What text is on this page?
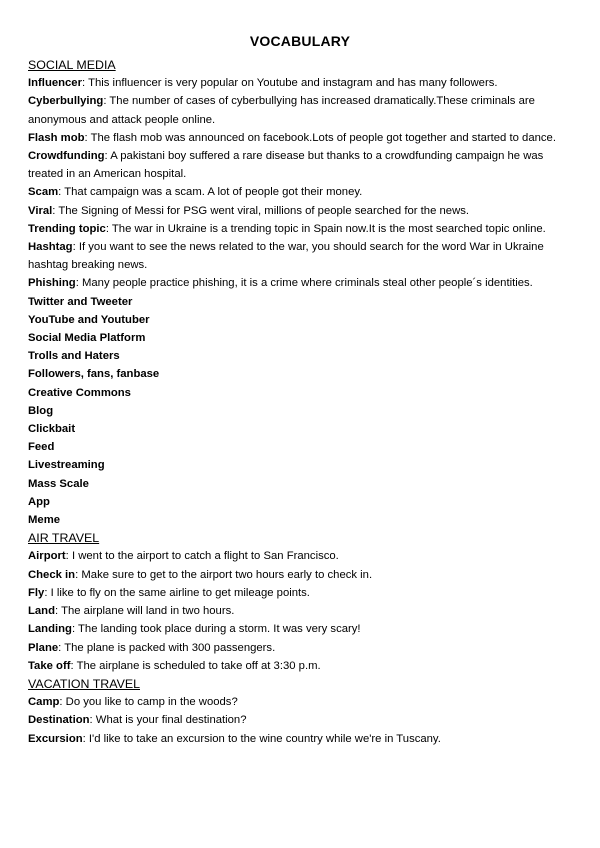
VOCABULARY
SOCIAL MEDIA

Influencer: This influencer is very popular on Youtube and instagram and has many followers.

Cyberbullying: The number of cases of cyberbullying has increased dramatically.These criminals are anonymous and attack people online.

Flash mob: The flash mob was announced on facebook.Lots of people got together and started to dance.

Crowdfunding: A pakistani boy suffered a rare disease but thanks to a crowdfunding campaign he was treated in an American hospital.

Scam: That campaign was a scam. A lot of people got their money.

Viral: The Signing of Messi for PSG went viral, millions of people searched for the news.

Trending topic: The war in Ukraine is a trending topic in Spain now.It is the most searched topic online.

Hashtag: If you want to see the news related to the war, you should search for the word War in Ukraine hashtag breaking news.

Phishing: Many people practice phishing, it is a crime where criminals steal other people´s identities.

Twitter and Tweeter
YouTube and Youtuber
Social Media Platform
Trolls and Haters
Followers, fans, fanbase
Creative Commons
Blog
Clickbait
Feed
Livestreaming
Mass Scale
App
Meme
AIR TRAVEL

Airport: I went to the airport to catch a flight to San Francisco.

Check in: Make sure to get to the airport two hours early to check in.

Fly: I like to fly on the same airline to get mileage points.

Land: The airplane will land in two hours.

Landing: The landing took place during a storm. It was very scary!

Plane: The plane is packed with 300 passengers.

Take off: The airplane is scheduled to take off at 3:30 p.m.

VACATION TRAVEL

Camp: Do you like to camp in the woods?

Destination: What is your final destination?

Excursion: I'd like to take an excursion to the wine country while we're in Tuscany.
